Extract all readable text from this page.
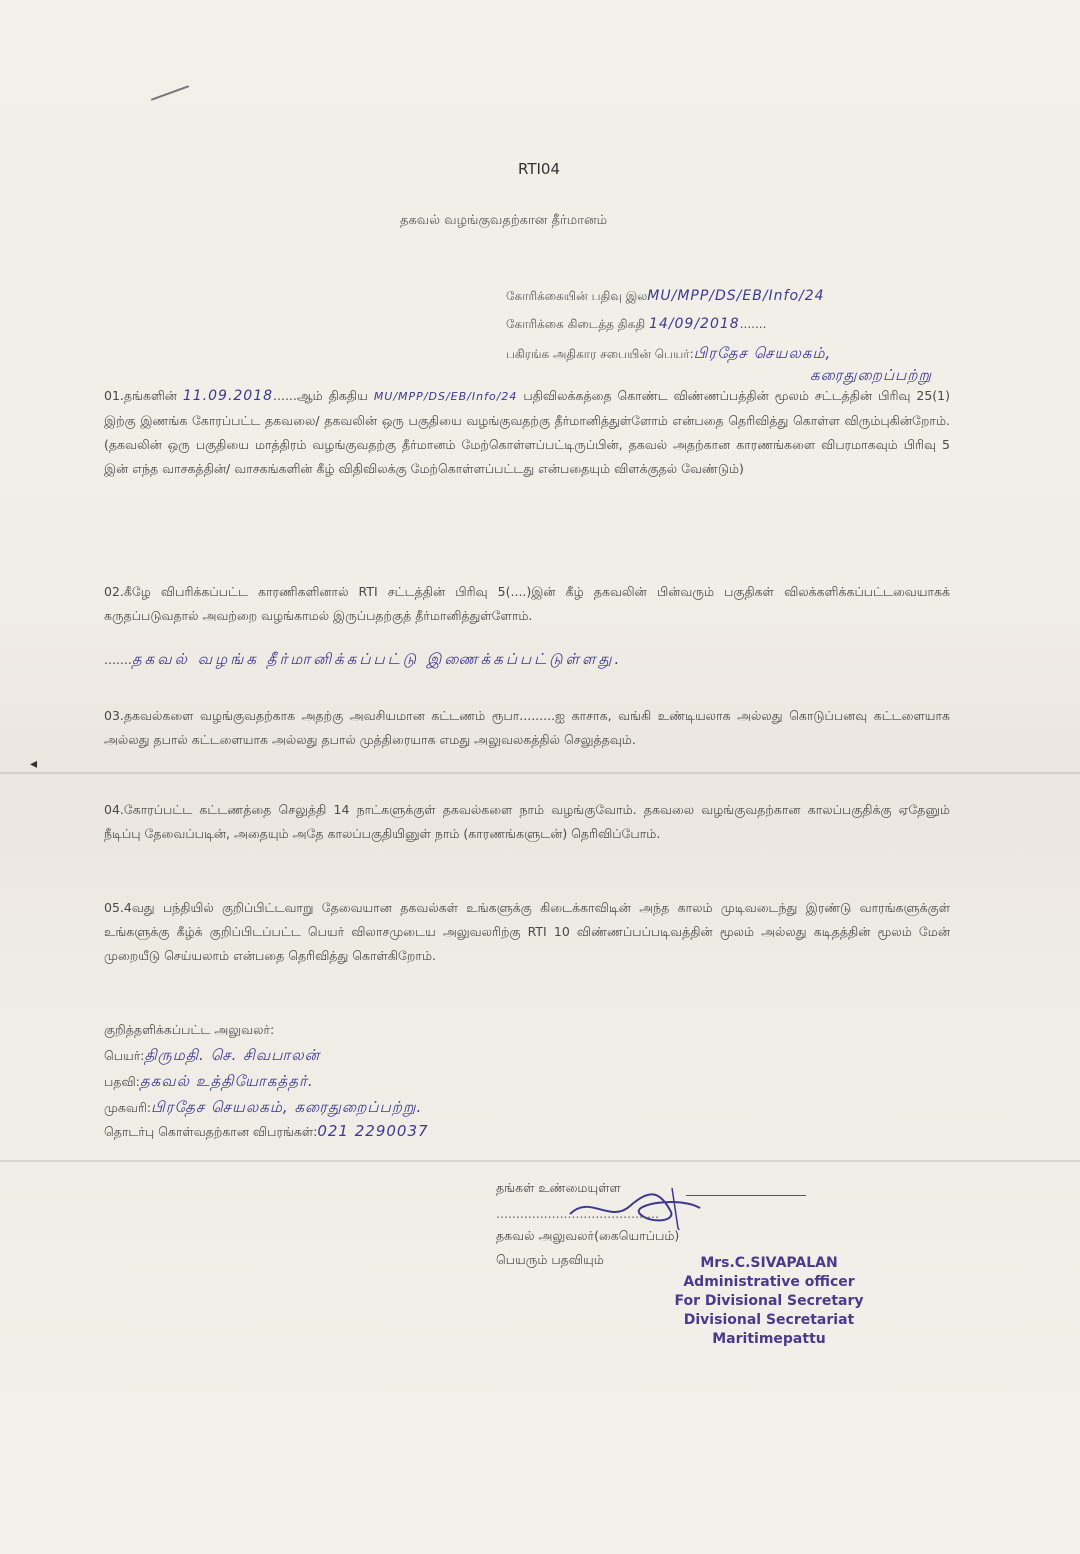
◂
RTI04
தகவல் வழங்குவதற்கான தீர்மானம்
கோரிக்கையின் பதிவு இலMU/MPP/DS/EB/Info/24
கோரிக்கை கிடைத்த திகதி 14/09/2018.......
பகிரங்க அதிகார சபையின் பெயர்:பிரதேச செயலகம்,
கரைதுறைப்பற்று

01.தங்களின் 11.09.2018......ஆம் திகதிய MU/MPP/DS/EB/Info/24 பதிவிலக்கத்தை கொண்ட விண்ணப்பத்தின் மூலம் சட்டத்தின் பிரிவு 25(1) இற்கு இணங்க கோரப்பட்ட தகவலை/ தகவலின் ஒரு பகுதியை வழங்குவதற்கு தீர்மானித்துள்ளோம் என்பதை தெரிவித்து கொள்ள விரும்புகின்றோம்.(தகவலின் ஒரு பகுதியை மாத்திரம் வழங்குவதற்கு தீர்மானம் மேற்கொள்ளப்பட்டிருப்பின், தகவல் அதற்கான காரணங்களை விபரமாகவும் பிரிவு 5 இன் எந்த வாசகத்தின்/ வாசகங்களின் கீழ் விதிவிலக்கு மேற்கொள்ளப்பட்டது என்பதையும் விளக்குதல் வேண்டும்)

02.கீழே விபரிக்கப்பட்ட காரணிகளினால் RTI சட்டத்தின் பிரிவு 5(....)இன் கீழ் தகவலின் பின்வரும் பகுதிகள் விலக்களிக்கப்பட்டவையாகக் கருதப்படுவதால் அவற்றை வழங்காமல் இருப்பதற்குத் தீர்மானித்துள்ளோம்.

.......தகவல் வழங்க தீர்மானிக்கப்பட்டு இணைக்கப்பட்டுள்ளது.

03.தகவல்களை வழங்குவதற்காக அதற்கு அவசியமான கட்டணம் ரூபா.........ஐ காசாக, வங்கி உண்டியலாக அல்லது கொடுப்பனவு கட்டளையாக அல்லது தபால் கட்டளையாக அல்லது தபால் முத்திரையாக எமது அலுவலகத்தில் செலுத்தவும்.

04.கோரப்பட்ட கட்டணத்தை செலுத்தி 14 நாட்களுக்குள் தகவல்களை நாம் வழங்குவோம். தகவலை வழங்குவதற்கான காலப்பகுதிக்கு ஏதேனும் நீடிப்பு தேவைப்படின், அதையும் அதே காலப்பகுதியினுள் நாம் (காரணங்களுடன்) தெரிவிப்போம்.

05.4வது பந்தியில் குறிப்பிட்டவாறு தேவையான தகவல்கள் உங்களுக்கு கிடைக்காவிடின் அந்த காலம் முடிவடைந்து இரண்டு வாரங்களுக்குள் உங்களுக்கு கீழ்க் குறிப்பிடப்பட்ட பெயர் விலாசமுடைய அலுவலரிற்கு RTI 10 விண்ணப்பப்படிவத்தின் மூலம் அல்லது கடிதத்தின் மூலம் மேன் முறையீடு செய்யலாம் என்பதை தெரிவித்து கொள்கிறோம்.

குறித்தளிக்கப்பட்ட அலுவலர்:
பெயர்:திருமதி. செ. சிவபாலன்
பதவி:தகவல் உத்தியோகத்தர்.
முகவரி:பிரதேச செயலகம், கரைதுறைப்பற்று.
தொடர்பு கொள்வதற்கான விபரங்கள்:021 2290037
தங்கள் உண்மையுள்ள
.........................................
தகவல் அலுவலர்(கையொப்பம்)
பெயரும் பதவியும்	Mrs.C.SIVAPALAN
Administrative officer
For Divisional Secretary
Divisional Secretariat
Maritimepattu
